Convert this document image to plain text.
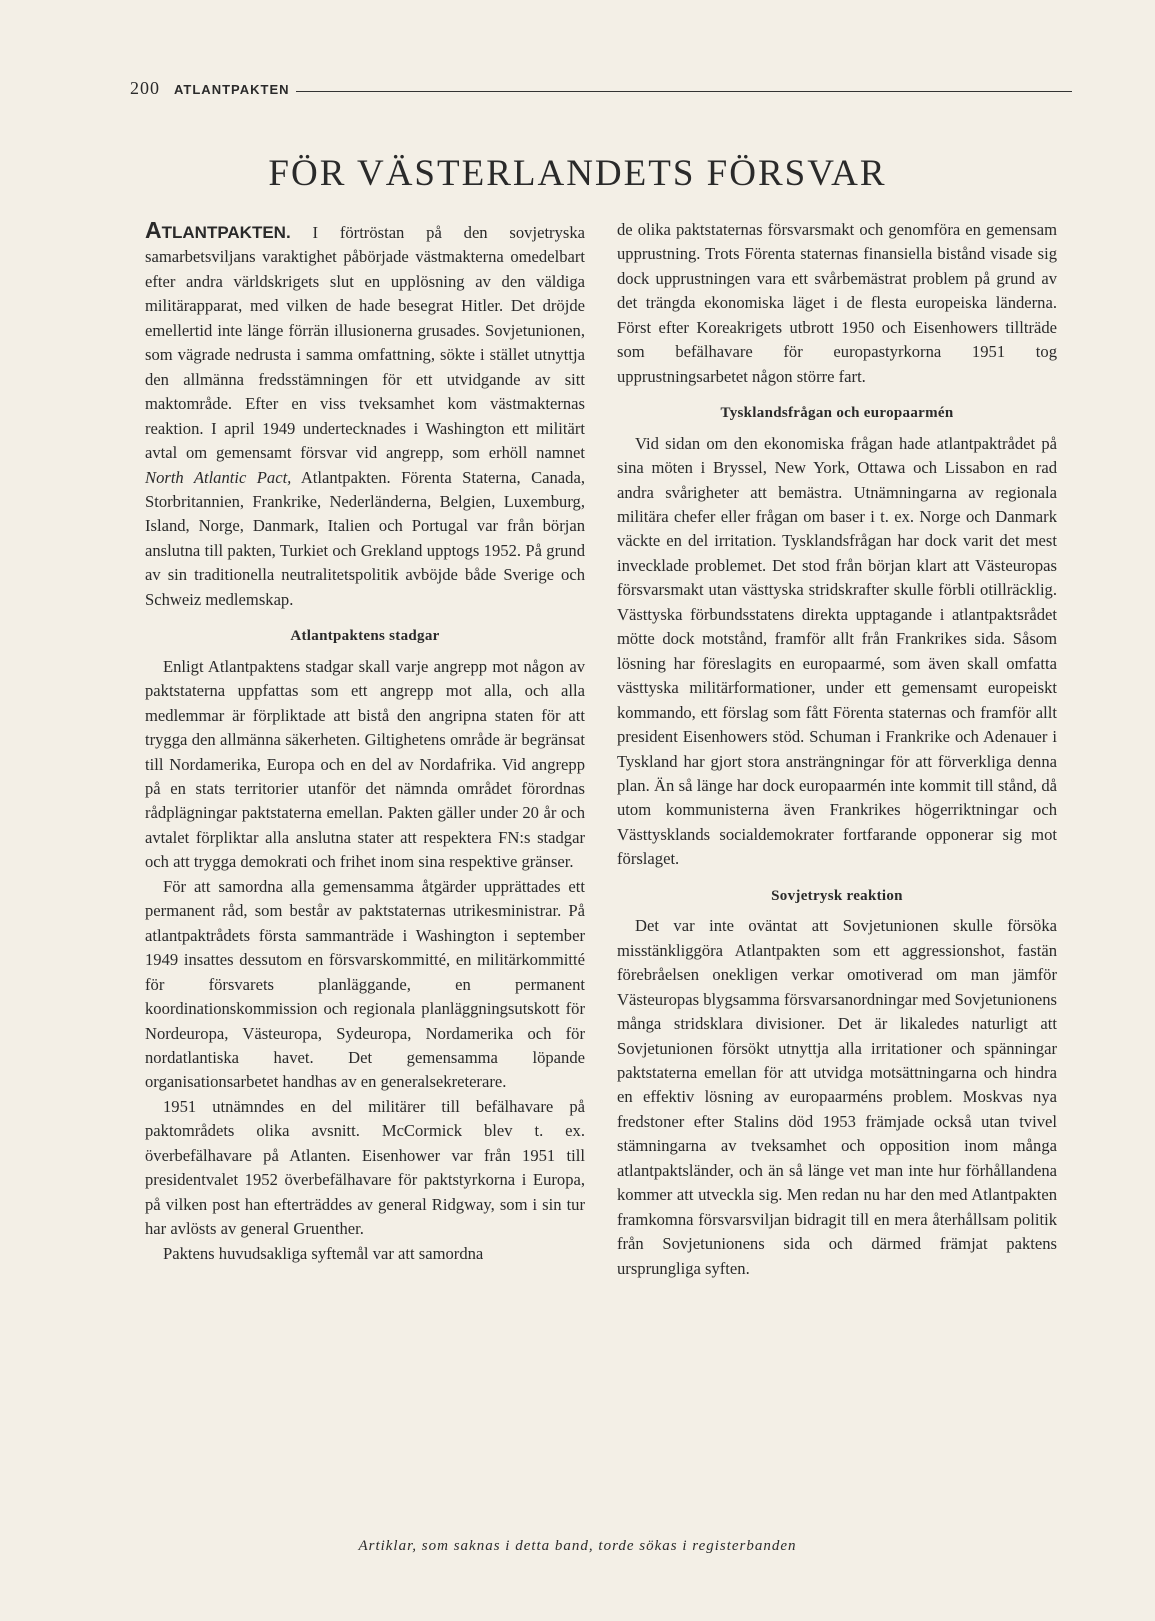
200 ATLANTPAKTEN
FÖR VÄSTERLANDETS FÖRSVAR

ATLANTPAKTEN. I förtröstan på den sovjetryska samarbetsviljans varaktighet påbörjade västmakterna omedelbart efter andra världskrigets slut en upplösning av den väldiga militärapparat, med vilken de hade besegrat Hitler. Det dröjde emellertid inte länge förrän illusionerna grusades. Sovjetunionen, som vägrade nedrusta i samma omfattning, sökte i stället utnyttja den allmänna fredsstämningen för ett utvidgande av sitt maktområde. Efter en viss tveksamhet kom västmakternas reaktion. I april 1949 undertecknades i Washington ett militärt avtal om gemensamt försvar vid angrepp, som erhöll namnet North Atlantic Pact, Atlantpakten. Förenta Staterna, Canada, Storbritannien, Frankrike, Nederländerna, Belgien, Luxemburg, Island, Norge, Danmark, Italien och Portugal var från början anslutna till pakten, Turkiet och Grekland upptogs 1952. På grund av sin traditionella neutralitetspolitik avböjde både Sverige och Schweiz medlemskap.

Atlantpaktens stadgar

Enligt Atlantpaktens stadgar skall varje angrepp mot någon av paktstaterna uppfattas som ett angrepp mot alla, och alla medlemmar är förpliktade att bistå den angripna staten för att trygga den allmänna säkerheten. Giltighetens område är begränsat till Nordamerika, Europa och en del av Nordafrika. Vid angrepp på en stats territorier utanför det nämnda området förordnas rådplägningar paktstaterna emellan. Pakten gäller under 20 år och avtalet förpliktar alla anslutna stater att respektera FN:s stadgar och att trygga demokrati och frihet inom sina respektive gränser.

För att samordna alla gemensamma åtgärder upprättades ett permanent råd, som består av paktstaternas utrikesministrar. På atlantpaktrådets första sammanträde i Washington i september 1949 insattes dessutom en försvarskommitté, en militärkommitté för försvarets planläggande, en permanent koordinationskommission och regionala planläggningsutskott för Nordeuropa, Västeuropa, Sydeuropa, Nordamerika och för nordatlantiska havet. Det gemensamma löpande organisationsarbetet handhas av en generalsekreterare.

1951 utnämndes en del militärer till befälhavare på paktområdets olika avsnitt. McCormick blev t. ex. överbefälhavare på Atlanten. Eisenhower var från 1951 till presidentvalet 1952 överbefälhavare för paktstyrkorna i Europa, på vilken post han efterträddes av general Ridgway, som i sin tur har avlösts av general Gruenther.

Paktens huvudsakliga syftemål var att samordna

de olika paktstaternas försvarsmakt och genomföra en gemensam upprustning. Trots Förenta staternas finansiella bistånd visade sig dock upprustningen vara ett svårbemästrat problem på grund av det trängda ekonomiska läget i de flesta europeiska länderna. Först efter Koreakrigets utbrott 1950 och Eisenhowers tillträde som befälhavare för europastyrkorna 1951 tog upprustningsarbetet någon större fart.

Tysklandsfrågan och europaarmén

Vid sidan om den ekonomiska frågan hade atlantpaktrådet på sina möten i Bryssel, New York, Ottawa och Lissabon en rad andra svårigheter att bemästra. Utnämningarna av regionala militära chefer eller frågan om baser i t. ex. Norge och Danmark väckte en del irritation. Tysklandsfrågan har dock varit det mest invecklade problemet. Det stod från början klart att Västeuropas försvarsmakt utan västtyska stridskrafter skulle förbli otillräcklig. Västtyska förbundsstatens direkta upptagande i atlantpaktsrådet mötte dock motstånd, framför allt från Frankrikes sida. Såsom lösning har föreslagits en europaarmé, som även skall omfatta västtyska militärformationer, under ett gemensamt europeiskt kommando, ett förslag som fått Förenta staternas och framför allt president Eisenhowers stöd. Schuman i Frankrike och Adenauer i Tyskland har gjort stora ansträngningar för att förverkliga denna plan. Än så länge har dock europaarmén inte kommit till stånd, då utom kommunisterna även Frankrikes högerriktningar och Västtysklands socialdemokrater fortfarande opponerar sig mot förslaget.

Sovjetrysk reaktion

Det var inte oväntat att Sovjetunionen skulle försöka misstänkliggöra Atlantpakten som ett aggressionshot, fastän förebråelsen onekligen verkar omotiverad om man jämför Västeuropas blygsamma försvarsanordningar med Sovjetunionens många stridsklara divisioner. Det är likaledes naturligt att Sovjetunionen försökt utnyttja alla irritationer och spänningar paktstaterna emellan för att utvidga motsättningarna och hindra en effektiv lösning av europaarméns problem. Moskvas nya fredstoner efter Stalins död 1953 främjade också utan tvivel stämningarna av tveksamhet och opposition inom många atlantpaktsländer, och än så länge vet man inte hur förhållandena kommer att utveckla sig. Men redan nu har den med Atlantpakten framkomna försvarsviljan bidragit till en mera återhållsam politik från Sovjetunionens sida och därmed främjat paktens ursprungliga syften.

Artiklar, som saknas i detta band, torde sökas i registerbanden
